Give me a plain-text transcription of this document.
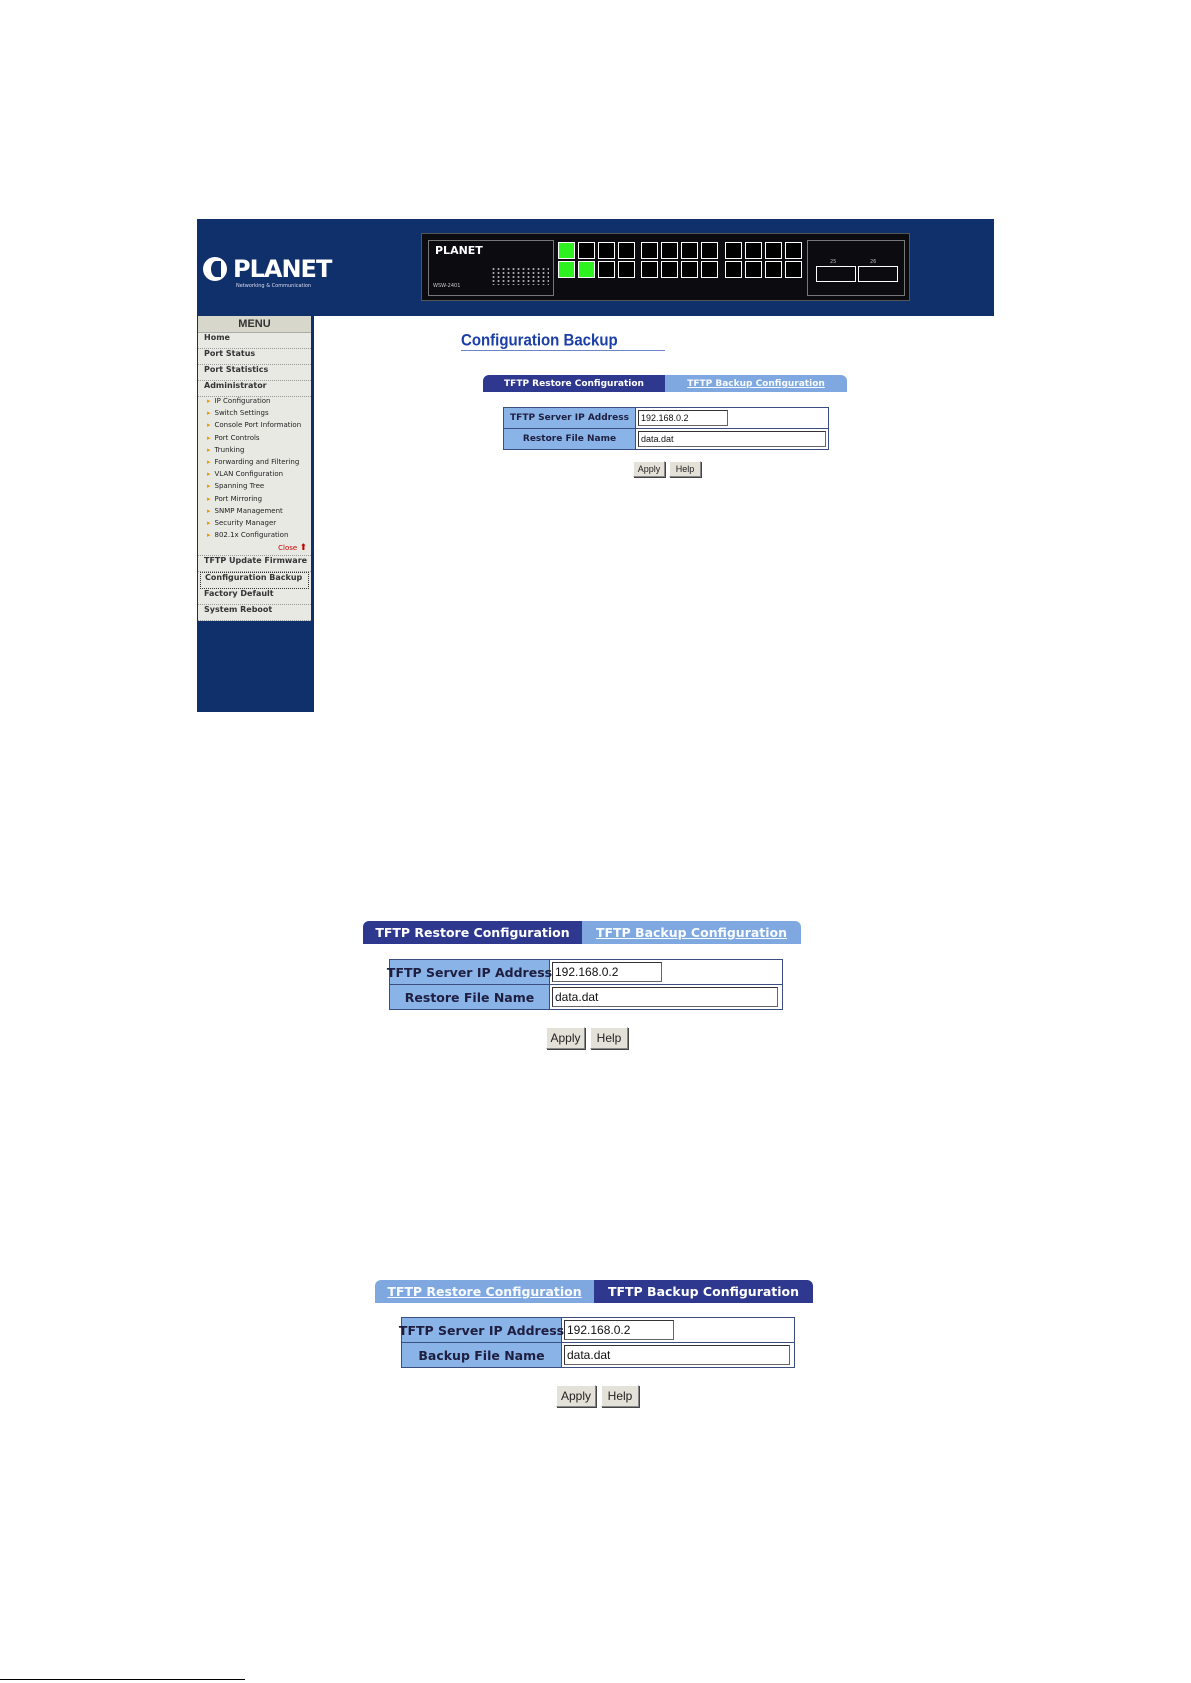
PLANET
Networking & Communication
PLANET
WSW-2401
25	26
MENU
Home
Port Status
Port Statistics
Administrator
▸ IP Configuration
▸ Switch Settings
▸ Console Port Information
▸ Port Controls
▸ Trunking
▸ Forwarding and Filtering
▸ VLAN Configuration
▸ Spanning Tree
▸ Port Mirroring
▸ SNMP Management
▸ Security Manager
▸ 802.1x Configuration
Close ⬆
TFTP Update Firmware
Configuration Backup
Factory Default
System Reboot
Configuration Backup
TFTP Restore Configuration	TFTP Backup Configuration
TFTP Server IP Address	192.168.0.2
Restore File Name	data.dat
Apply	Help
TFTP Restore Configuration	TFTP Backup Configuration
TFTP Server IP Address 192.168.0.2
Restore File Name	data.dat
Apply	Help
TFTP Restore Configuration	TFTP Backup Configuration
TFTP Server IP Address 192.168.0.2
Backup File Name	data.dat
Apply	Help
